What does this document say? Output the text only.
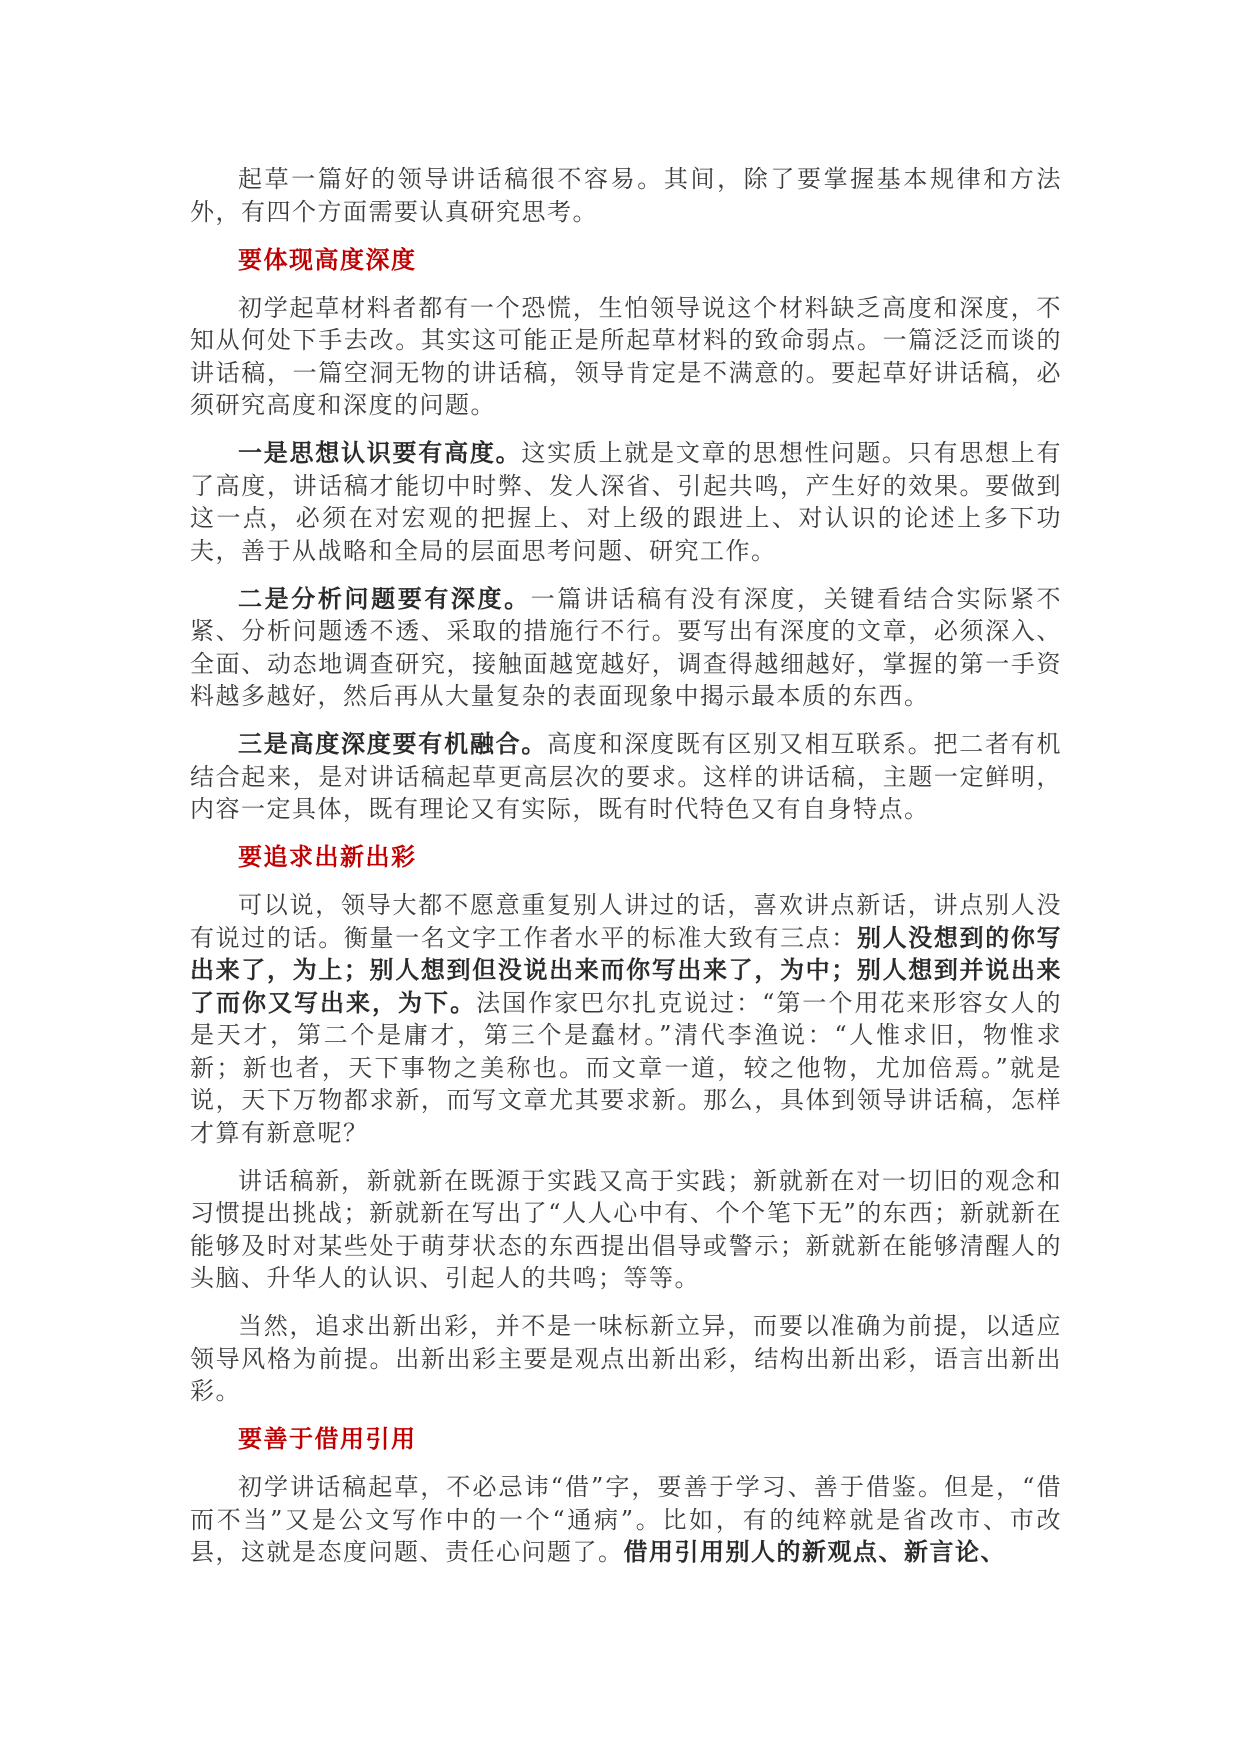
起草一篇好的领导讲话稿很不容易。其间，除了要掌握基本规律和方法外，有四个方面需要认真研究思考。

要体现高度深度

初学起草材料者都有一个恐慌，生怕领导说这个材料缺乏高度和深度，不知从何处下手去改。其实这可能正是所起草材料的致命弱点。一篇泛泛而谈的讲话稿，一篇空洞无物的讲话稿，领导肯定是不满意的。要起草好讲话稿，必须研究高度和深度的问题。

一是思想认识要有高度。这实质上就是文章的思想性问题。只有思想上有了高度，讲话稿才能切中时弊、发人深省、引起共鸣，产生好的效果。要做到这一点，必须在对宏观的把握上、对上级的跟进上、对认识的论述上多下功夫，善于从战略和全局的层面思考问题、研究工作。

二是分析问题要有深度。一篇讲话稿有没有深度，关键看结合实际紧不紧、分析问题透不透、采取的措施行不行。要写出有深度的文章，必须深入、全面、动态地调查研究，接触面越宽越好，调查得越细越好，掌握的第一手资料越多越好，然后再从大量复杂的表面现象中揭示最本质的东西。

三是高度深度要有机融合。高度和深度既有区别又相互联系。把二者有机结合起来，是对讲话稿起草更高层次的要求。这样的讲话稿，主题一定鲜明，内容一定具体，既有理论又有实际，既有时代特色又有自身特点。

要追求出新出彩

可以说，领导大都不愿意重复别人讲过的话，喜欢讲点新话，讲点别人没有说过的话。衡量一名文字工作者水平的标准大致有三点：别人没想到的你写出来了，为上；别人想到但没说出来而你写出来了，为中；别人想到并说出来了而你又写出来，为下。法国作家巴尔扎克说过：“第一个用花来形容女人的是天才，第二个是庸才，第三个是蠢材。”清代李渔说：“人惟求旧，物惟求新；新也者，天下事物之美称也。而文章一道，较之他物，尤加倍焉。”就是说，天下万物都求新，而写文章尤其要求新。那么，具体到领导讲话稿，怎样才算有新意呢？

讲话稿新，新就新在既源于实践又高于实践；新就新在对一切旧的观念和习惯提出挑战；新就新在写出了“人人心中有、个个笔下无”的东西；新就新在能够及时对某些处于萌芽状态的东西提出倡导或警示；新就新在能够清醒人的头脑、升华人的认识、引起人的共鸣；等等。

当然，追求出新出彩，并不是一味标新立异，而要以准确为前提，以适应领导风格为前提。出新出彩主要是观点出新出彩，结构出新出彩，语言出新出彩。

要善于借用引用

初学讲话稿起草，不必忌讳“借”字，要善于学习、善于借鉴。但是，“借而不当”又是公文写作中的一个“通病”。比如，有的纯粹就是省改市、市改县，这就是态度问题、责任心问题了。借用引用别人的新观点、新言论、
